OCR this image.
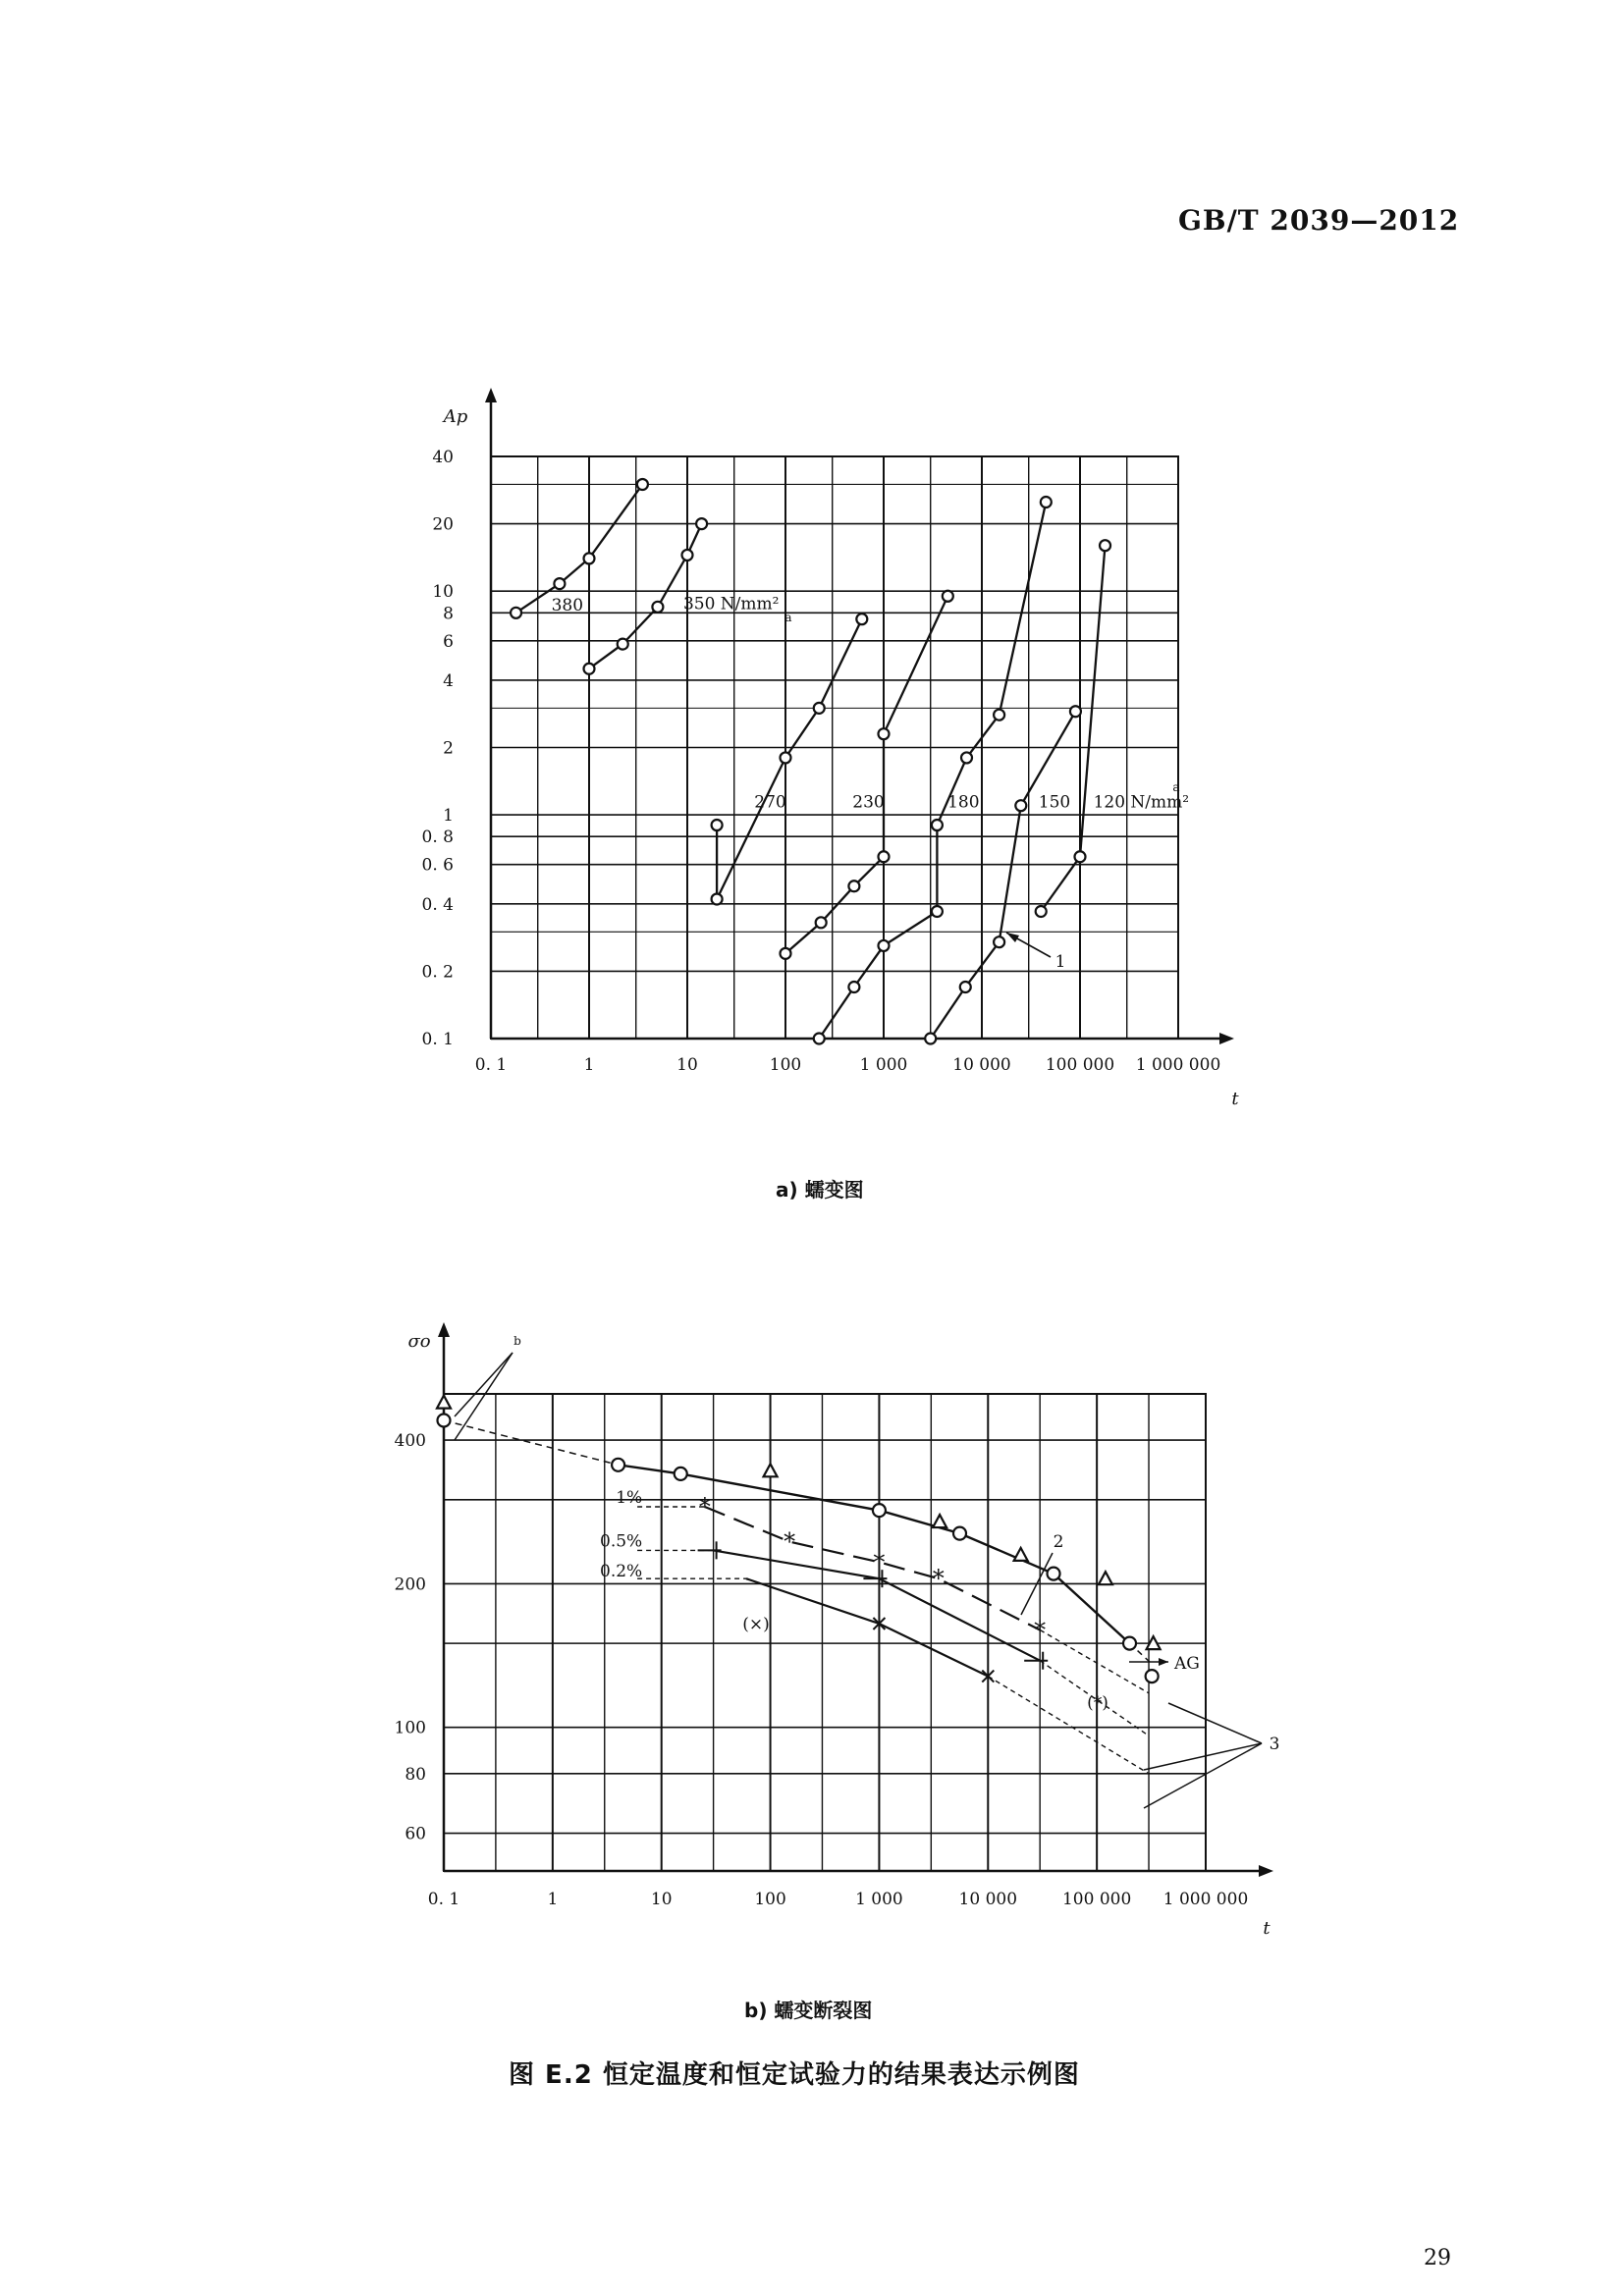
GB/T 2039—2012
0. 1	1	10	100	1 000	10 000 100 000 1 000 000
0. 1
0. 2
0. 4
0. 6
0. 8
1
2
4
6
8
10
20
40
Ap
t
380	350 N/mm²
270	230	180	150 120 N/mm²
a
a
1
0. 1	1	10	100	1 000	10 000	100 000 1 000 000
60
80
100
200
400
σo
t
*
*
*
*
*
1%
0.5%
0.2%
AG
2
3
b
(×)
(*)
a) 蠕变图
b) 蠕变断裂图
图 E.2 恒定温度和恒定试验力的结果表达示例图
29
